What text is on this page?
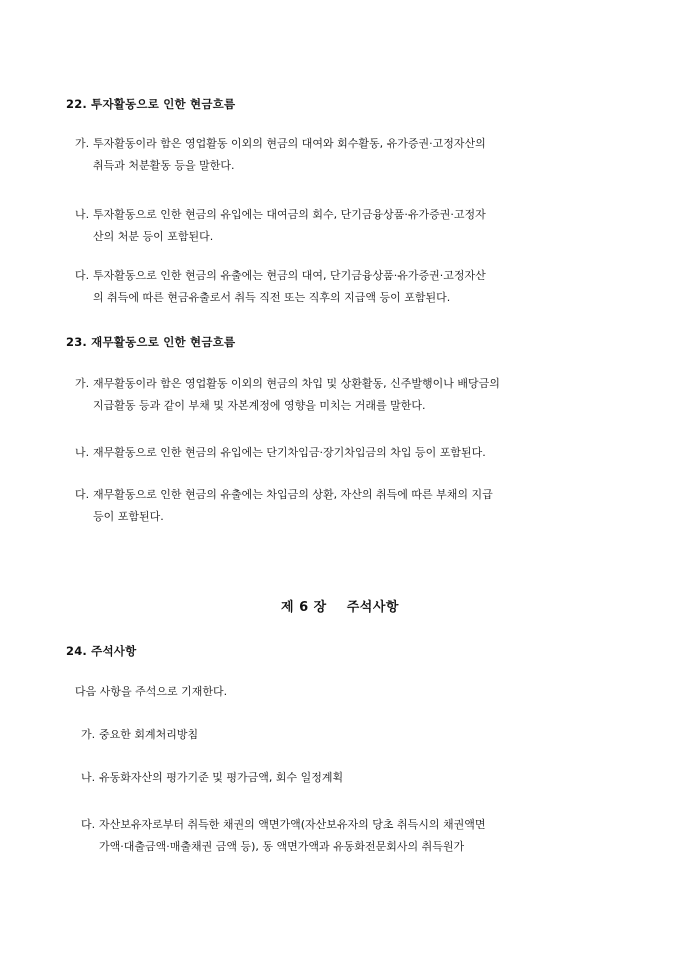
22. 투자활동으로 인한 현금흐름
가. 투자활동이라 함은 영업활동 이외의 현금의 대여와 회수활동, 유가증권·고정자산의
취득과 처분활동 등을 말한다.
나. 투자활동으로 인한 현금의 유입에는 대여금의 회수, 단기금융상품·유가증권·고정자
산의 처분 등이 포함된다.
다. 투자활동으로 인한 현금의 유출에는 현금의 대여, 단기금융상품·유가증권·고정자산
의 취득에 따른 현금유출로서 취득 직전 또는 직후의 지급액 등이 포함된다.
23. 재무활동으로 인한 현금흐름
가. 재무활동이라 함은 영업활동 이외의 현금의 차입 및 상환활동, 신주발행이나 배당금의
지급활동 등과 같이 부채 및 자본계정에 영향을 미치는 거래를 말한다.
나. 재무활동으로 인한 현금의 유입에는 단기차입금·장기차입금의 차입 등이 포함된다.
다. 재무활동으로 인한 현금의 유출에는 차입금의 상환, 자산의 취득에 따른 부채의 지급
등이 포함된다.
제 6 장 주석사항
24. 주석사항
다음 사항을 주석으로 기재한다.
가. 중요한 회계처리방침
나. 유동화자산의 평가기준 및 평가금액, 회수 일정계획
다. 자산보유자로부터 취득한 채권의 액면가액(자산보유자의 당초 취득시의 채권액면
가액·대출금액·매출채권 금액 등), 동 액면가액과 유동화전문회사의 취득원가
